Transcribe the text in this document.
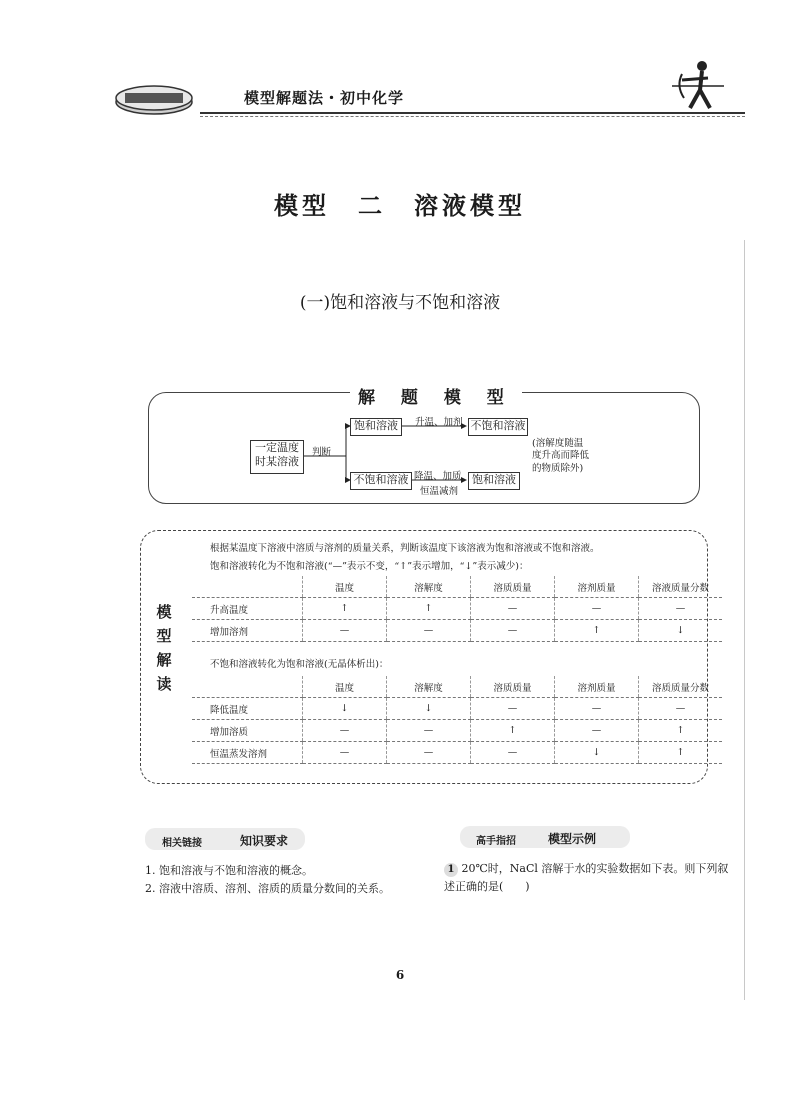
模型解题法・初中化学
模型　二　溶液模型
(一)饱和溶液与不饱和溶液
解 题 模 型
一定温度
时某溶液
判断
饱和溶液
不饱和溶液
升温、加剂
降温、加质
恒温减剂
不饱和溶液
饱和溶液
(溶解度随温
度升高而降低
的物质除外)
模
型
解
读
根据某温度下溶液中溶质与溶剂的质量关系，判断该温度下该溶液为饱和溶液或不饱和溶液。
饱和溶液转化为不饱和溶液(“—”表示不变，“↑”表示增加，“↓”表示减少)：
	温度	溶解度	溶质质量	溶剂质量	溶液质量分数
升高温度	↑	↑	—	—	—
增加溶剂	—	—	—	↑	↓
不饱和溶液转化为饱和溶液(无晶体析出)：
	温度	溶解度	溶质质量	溶剂质量	溶质质量分数
降低温度	↓	↓	—	—	—
增加溶质	—	—	↑	—	↑
恒温蒸发溶剂	—	—	—	↓	↑
相关链接	知识要求
1. 饱和溶液与不饱和溶液的概念。
2. 溶液中溶质、溶剂、溶质的质量分数间的关系。
高手指招	模型示例
1 20℃时，NaCl 溶解于水的实验数据如下表。则下列叙
述正确的是(　　)
6
